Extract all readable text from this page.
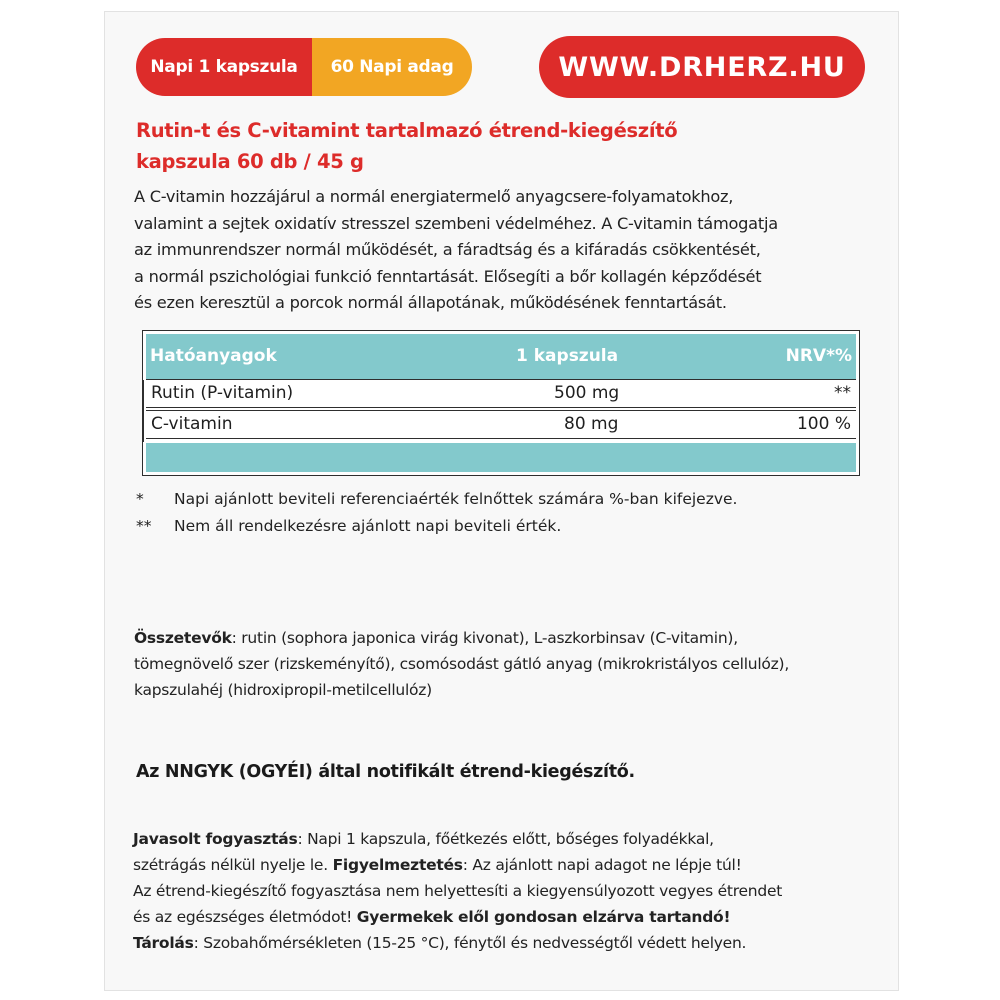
Napi 1 kapszula	60 Napi adag	WWW.DRHERZ.HU
Rutin-t és C-vitamint tartalmazó étrend-kiegészítő
kapszula 60 db / 45 g
A C-vitamin hozzájárul a normál energiatermelő anyagcsere-folyamatokhoz,
valamint a sejtek oxidatív stresszel szembeni védelméhez. A C-vitamin támogatja
az immunrendszer normál működését, a fáradtság és a kifáradás csökkentését,
a normál pszichológiai funkció fenntartását. Elősegíti a bőr kollagén képződését
és ezen keresztül a porcok normál állapotának, működésének fenntartását.
Hatóanyagok	1 kapszula	NRV*%
Rutin (P-vitamin)	500 mg	**
C-vitamin	80 mg	100 %
*	Napi ajánlott beviteli referenciaérték felnőttek számára %-ban kifejezve.
**	Nem áll rendelkezésre ajánlott napi beviteli érték.
Összetevők: rutin (sophora japonica virág kivonat), L-aszkorbinsav (C-vitamin),
tömegnövelő szer (rizskeményítő), csomósodást gátló anyag (mikrokristályos cellulóz),
kapszulahéj (hidroxipropil-metilcellulóz)
Az NNGYK (OGYÉI) által notifikált étrend-kiegészítő.
Javasolt fogyasztás: Napi 1 kapszula, főétkezés előtt, bőséges folyadékkal,
szétrágás nélkül nyelje le. Figyelmeztetés: Az ajánlott napi adagot ne lépje túl!
Az étrend-kiegészítő fogyasztása nem helyettesíti a kiegyensúlyozott vegyes étrendet
és az egészséges életmódot! Gyermekek elől gondosan elzárva tartandó!
Tárolás: Szobahőmérsékleten (15-25 °C), fénytől és nedvességtől védett helyen.
